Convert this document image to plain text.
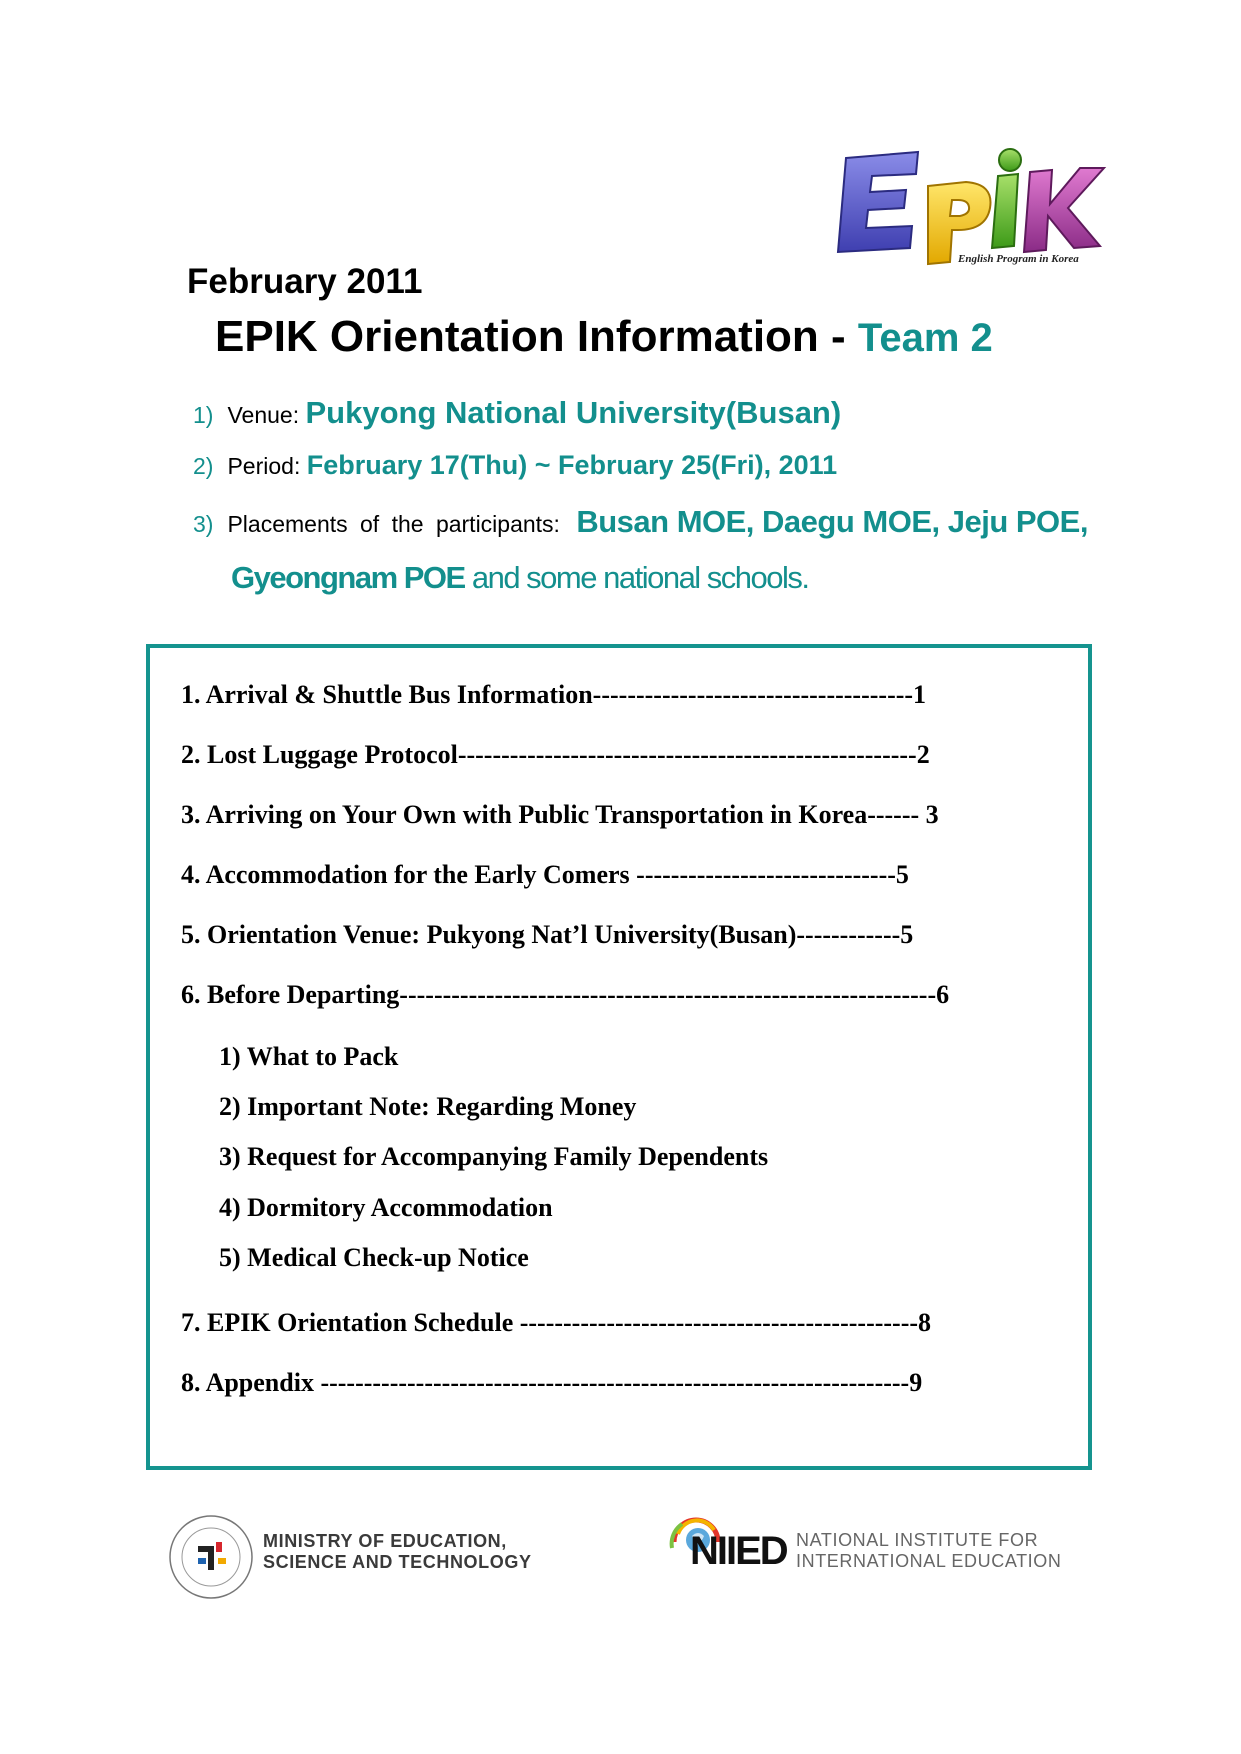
English Program in Korea
February 2011
EPIK Orientation Information - Team 2
1) Venue: Pukyong National University(Busan)
2) Period: February 17(Thu) ~ February 25(Fri), 2011
3) Placements of the participants: Busan MOE, Daegu MOE, Jeju POE,
Gyeongnam POE and some national schools.
1. Arrival & Shuttle Bus Information-------------------------------------1
2. Lost Luggage Protocol-----------------------------------------------------2
3. Arriving on Your Own with Public Transportation in Korea------ 3
4. Accommodation for the Early Comers ------------------------------5
5. Orientation Venue: Pukyong Nat’l University(Busan)------------5
6. Before Departing--------------------------------------------------------------6
1) What to Pack
2) Important Note: Regarding Money
3) Request for Accompanying Family Dependents
4) Dormitory Accommodation
5) Medical Check-up Notice
7. EPIK Orientation Schedule ----------------------------------------------8
8. Appendix --------------------------------------------------------------------9
MINISTRY OF EDUCATION,
SCIENCE AND TECHNOLOGY	NIIED NATIONAL INSTITUTE FOR
INTERNATIONAL EDUCATION
